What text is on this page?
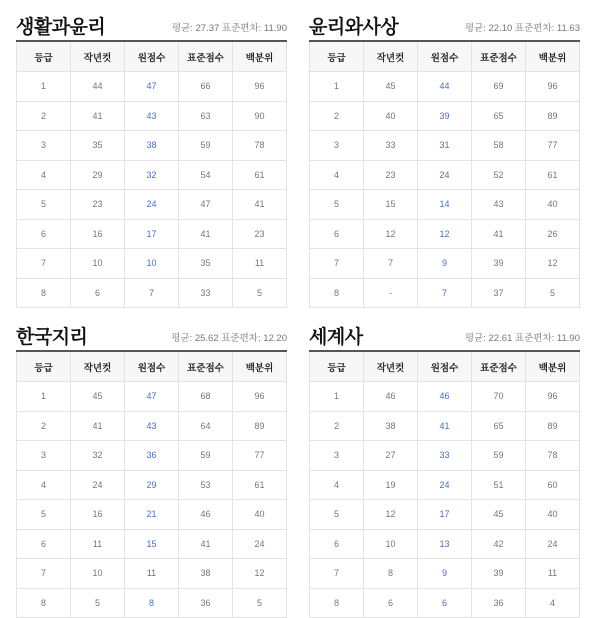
생활과윤리	평균: 27.37 표준편차: 11.90
등급	작년컷	원점수	표준점수	백분위
1	44	47	66	96
2	41	43	63	90
3	35	38	59	78
4	29	32	54	61
5	23	24	47	41
6	16	17	41	23
7	10	10	35	11
8	6	7	33	5
윤리와사상	평균: 22.10 표준편차: 11.63
등급	작년컷	원점수	표준점수	백분위
1	45	44	69	96
2	40	39	65	89
3	33	31	58	77
4	23	24	52	61
5	15	14	43	40
6	12	12	41	26
7	7	9	39	12
8	-	7	37	5
한국지리	평균: 25.62 표준편차: 12.20
등급	작년컷	원점수	표준점수	백분위
1	45	47	68	96
2	41	43	64	89
3	32	36	59	77
4	24	29	53	61
5	16	21	46	40
6	11	15	41	24
7	10	11	38	12
8	5	8	36	5
세계사	평균: 22.61 표준편차: 11.90
등급	작년컷	원점수	표준점수	백분위
1	46	46	70	96
2	38	41	65	89
3	27	33	59	78
4	19	24	51	60
5	12	17	45	40
6	10	13	42	24
7	8	9	39	11
8	6	6	36	4
